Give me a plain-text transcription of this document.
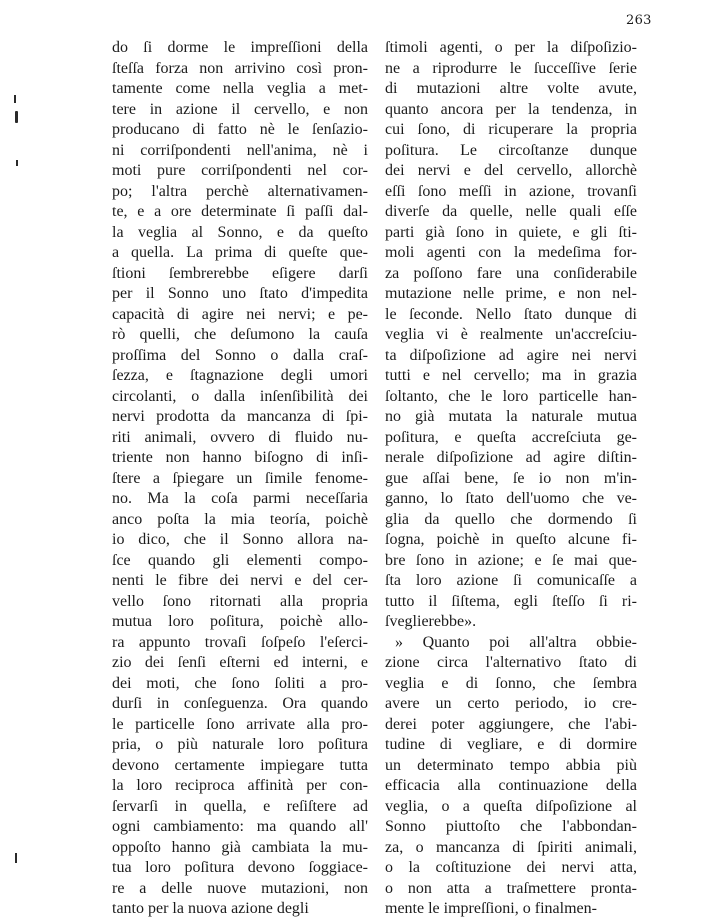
263
do ſi dorme le impreſſioni della
ſteſſa forza non arrivino così pron-
tamente come nella veglia a met-
tere in azione il cervello, e non
producano di fatto nè le ſenſazio-
ni corriſpondenti nell'anima, nè i
moti pure corriſpondenti nel cor-
po; l'altra perchè alternativamen-
te, e a ore determinate ſi paſſi dal-
la veglia al Sonno, e da queſto
a quella. La prima di queſte que-
ſtioni ſembrerebbe eſigere darſi
per il Sonno uno ſtato d'impedita
capacità di agire nei nervi; e pe-
rò quelli, che deſumono la cauſa
proſſima del Sonno o dalla craſ-
ſezza, e ſtagnazione degli umori
circolanti, o dalla inſenſibilità dei
nervi prodotta da mancanza di ſpi-
riti animali, ovvero di fluido nu-
triente non hanno biſogno di inſi-
ſtere a ſpiegare un ſimile fenome-
no. Ma la coſa parmi neceſſaria
anco poſta la mia teoría, poichè
io dico, che il Sonno allora na-
ſce quando gli elementi compo-
nenti le fibre dei nervi e del cer-
vello ſono ritornati alla propria
mutua loro poſitura, poichè allo-
ra appunto trovaſi ſoſpeſo l'eſerci-
zio dei ſenſi eſterni ed interni, e
dei moti, che ſono ſoliti a pro-
durſi in conſeguenza. Ora quando
le particelle ſono arrivate alla pro-
pria, o più naturale loro poſitura
devono certamente impiegare tutta
la loro reciproca affinità per con-
ſervarſi in quella, e reſiſtere ad
ogni cambiamento: ma quando all'
oppoſto hanno già cambiata la mu-
tua loro poſitura devono ſoggiace-
re a delle nuove mutazioni, non
tanto per la nuova azione degli
ſtimoli agenti, o per la diſpoſizio-
ne a riprodurre le ſucceſſive ſerie
di mutazioni altre volte avute,
quanto ancora per la tendenza, in
cui ſono, di ricuperare la propria
poſitura. Le circoſtanze dunque
dei nervi e del cervello, allorchè
eſſi ſono meſſi in azione, trovanſi
diverſe da quelle, nelle quali eſſe
parti già ſono in quiete, e gli ſti-
moli agenti con la medeſima for-
za poſſono fare una conſiderabile
mutazione nelle prime, e non nel-
le ſeconde. Nello ſtato dunque di
veglia vi è realmente un'accreſciu-
ta diſpoſizione ad agire nei nervi
tutti e nel cervello; ma in grazia
ſoltanto, che le loro particelle han-
no già mutata la naturale mutua
poſitura, e queſta accreſciuta ge-
nerale diſpoſizione ad agire diſtin-
gue aſſai bene, ſe io non m'in-
ganno, lo ſtato dell'uomo che ve-
glia da quello che dormendo ſi
ſogna, poichè in queſto alcune fi-
bre ſono in azione; e ſe mai que-
ſta loro azione ſi comunicaſſe a
tutto il ſiſtema, egli ſteſſo ſi ri-
ſveglierebbe».
» Quanto poi all'altra obbie-
zione circa l'alternativo ſtato di
veglia e di ſonno, che ſembra
avere un certo periodo, io cre-
derei poter aggiungere, che l'abi-
tudine di vegliare, e di dormire
un determinato tempo abbia più
efficacia alla continuazione della
veglia, o a queſta diſpoſizione al
Sonno piuttoſto che l'abbondan-
za, o mancanza di ſpiriti animali,
o la coſtituzione dei nervi atta,
o non atta a traſmettere pronta-
mente le impreſſioni, o finalmen-
